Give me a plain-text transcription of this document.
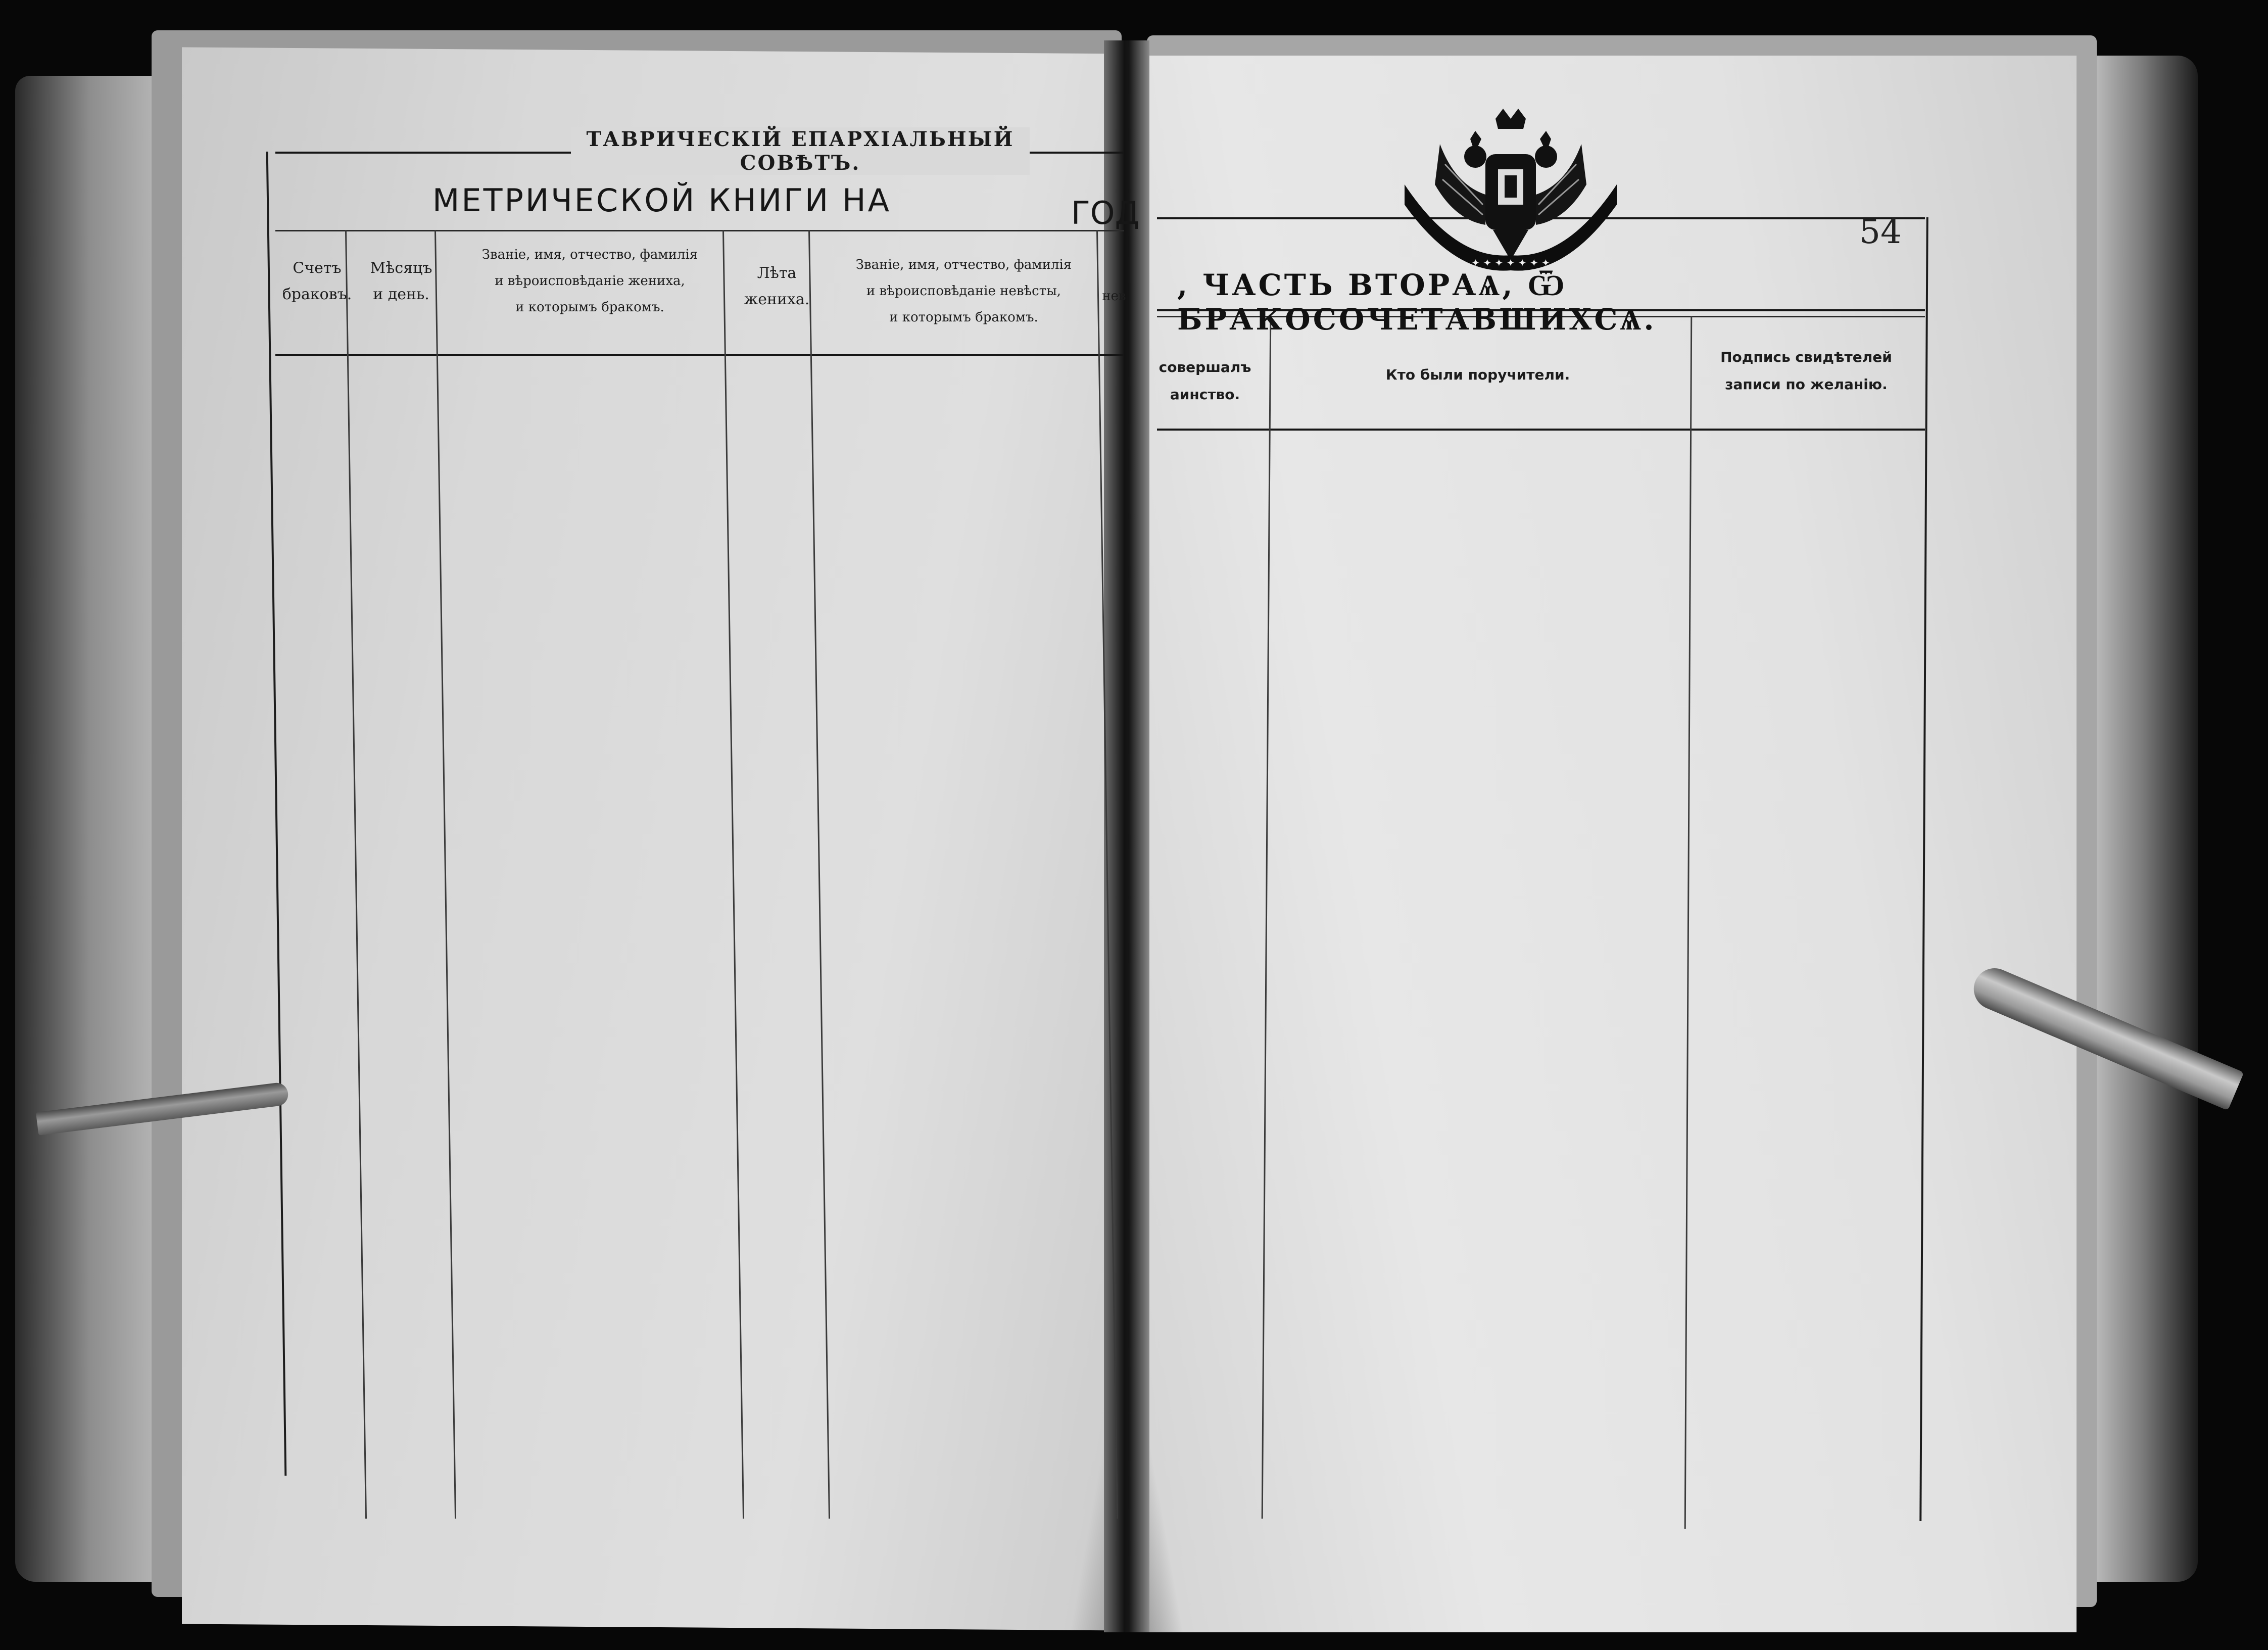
ТАВРИЧЕСКІЙ ЕПАРХІАЛЬНЫЙ СОВѢТЪ.
МЕТРИЧЕСКОЙ КНИГИ НА	ГОД
Счетъ
браковъ.
Мѣсяцъ
и день.
Званіе, имя, отчество, фамилія
и вѣроисповѣданіе жениха,
и которымъ бракомъ.
Лѣта
жениха.
Званіе, имя, отчество, фамилія
и вѣроисповѣданіе невѣсты,
и которымъ бракомъ.
нев , ЧАСТЬ ВТОРАѦ, Ѿ БРАКОСОЧЕТАВШИХСѦ.
54
совершалъ
аинство.
Кто были поручители.
Подпись свидѣтелей
записи по желанію.
✦ ✦ ✦ ✦ ✦ ✦ ✦
